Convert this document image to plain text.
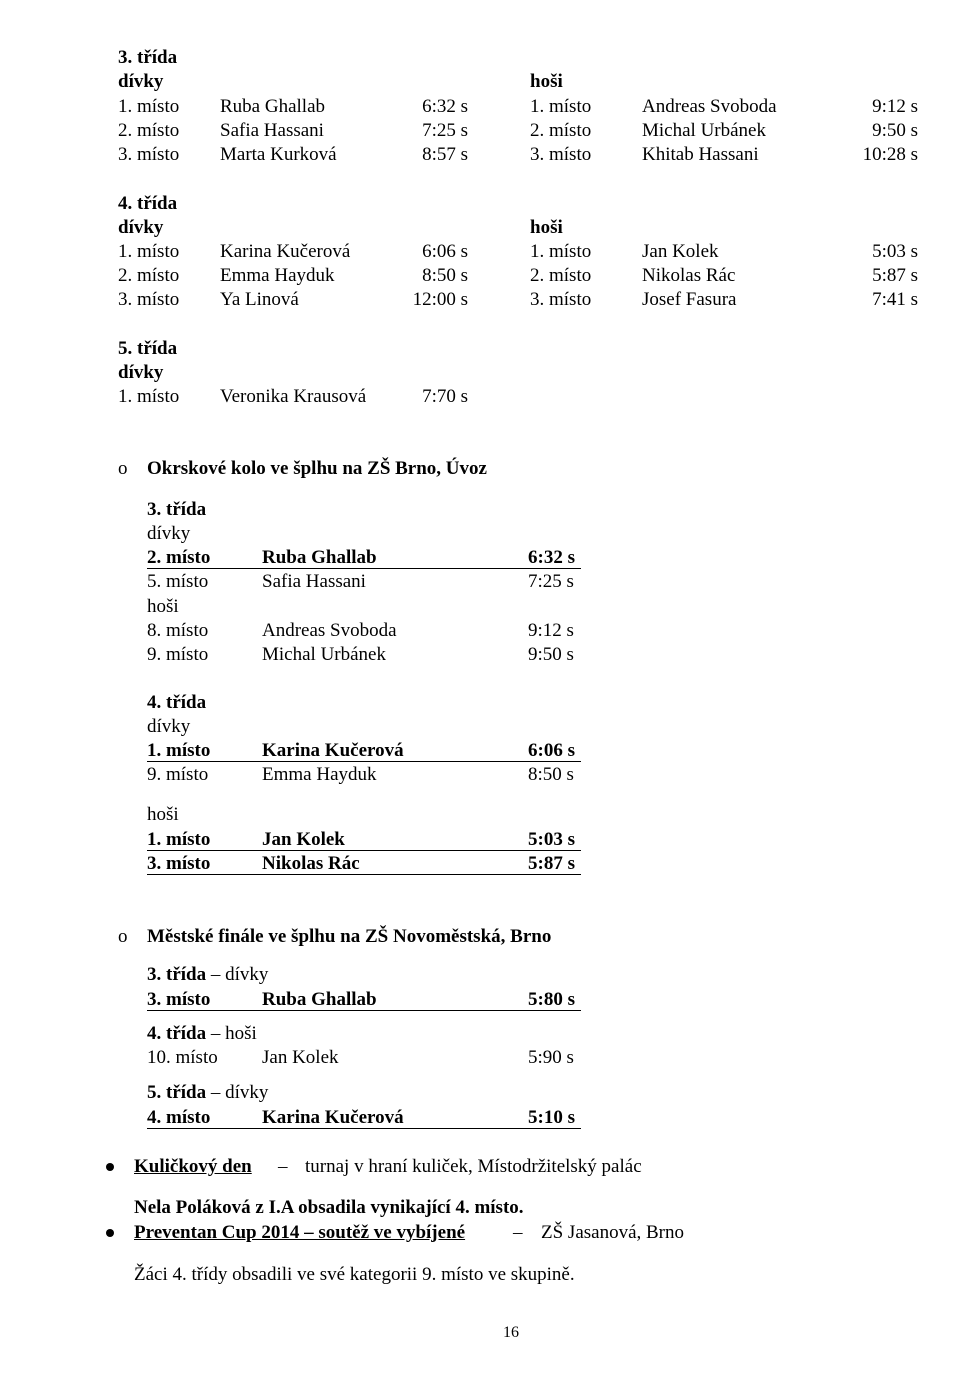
3. třída
dívky	hoši
1. místo Ruba Ghallab	6:32 s	1. místo	Andreas Svoboda	9:12 s
2. místo Safia Hassani	7:25 s	2. místo	Michal Urbánek	9:50 s
3. místo Marta Kurková	8:57 s	3. místo	Khitab Hassani	10:28 s
4. třída
dívky	hoši
1. místo Karina Kučerová	6:06 s	1. místo	Jan Kolek	5:03 s
2. místo Emma Hayduk	8:50 s	2. místo	Nikolas Rác	5:87 s
3. místo Ya Linová	12:00 s	3. místo	Josef Fasura	7:41 s
5. třída
dívky
1. místo Veronika Krausová	7:70 s
o Okrskové kolo ve šplhu na ZŠ Brno, Úvoz
3. třída
dívky
2. místo	Ruba Ghallab	6:32 s
5. místo	Safia Hassani	7:25 s
hoši
8. místo	Andreas Svoboda	9:12 s
9. místo	Michal Urbánek	9:50 s
4. třída
dívky
1. místo	Karina Kučerová	6:06 s
9. místo	Emma Hayduk	8:50 s
hoši
1. místo	Jan Kolek	5:03 s
3. místo	Nikolas Rác	5:87 s
o Městské finále ve šplhu na ZŠ Novoměstská, Brno
3. třída – dívky
3. místo	Ruba Ghallab	5:80 s
4. třída – hoši
10. místo Jan Kolek	5:90 s
5. třída – dívky
4. místo	Karina Kučerová	5:10 s
Kuličkový den – turnaj v hraní kuliček, Místodržitelský palác
Nela Poláková z I.A obsadila vynikající 4. místo.
Preventan Cup 2014 – soutěž ve vybíjené	– ZŠ Jasanová, Brno
Žáci 4. třídy obsadili ve své kategorii 9. místo ve skupině.
16
